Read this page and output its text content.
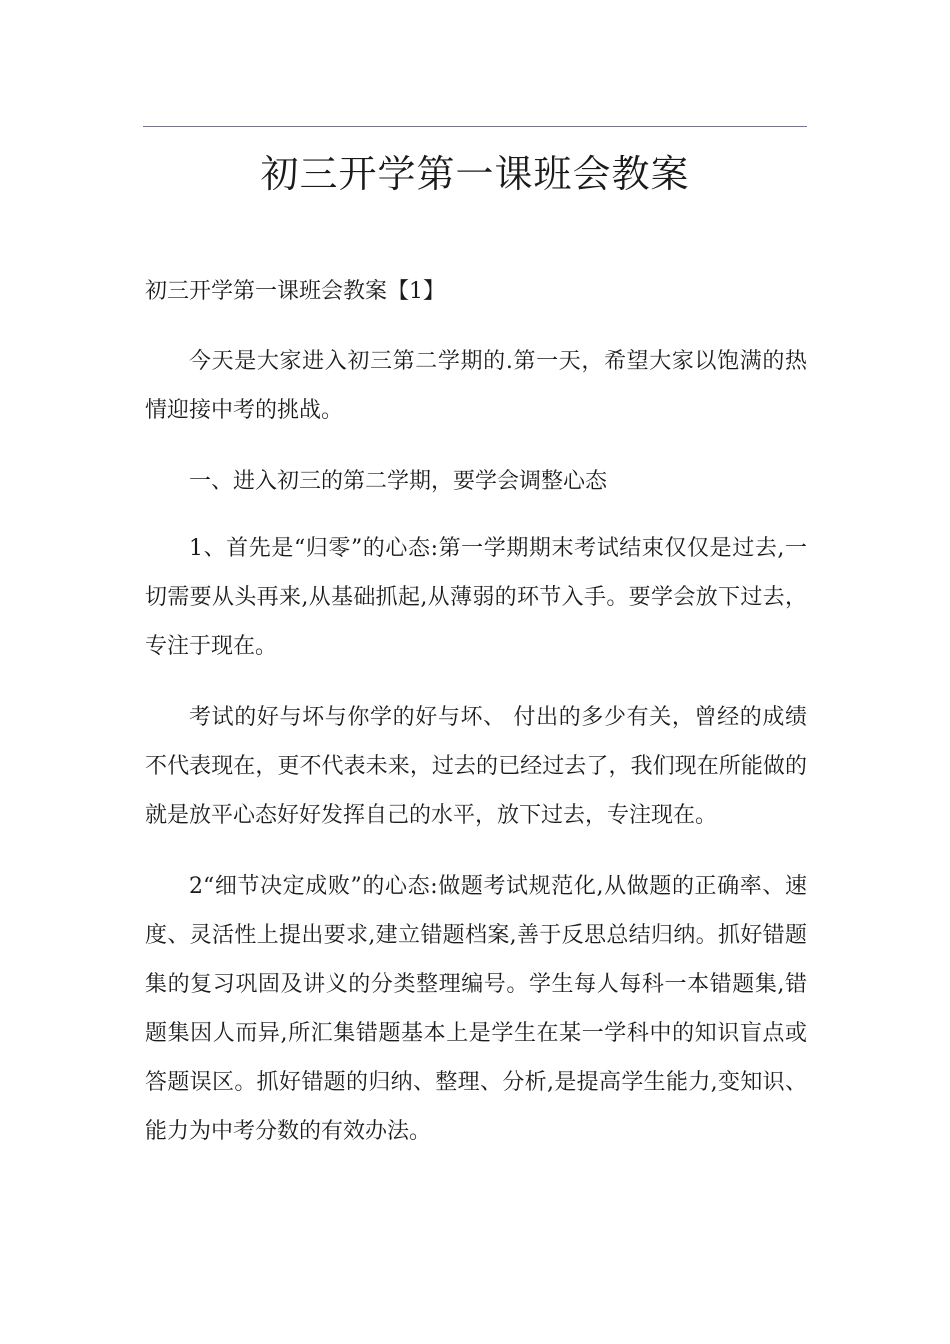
初三开学第一课班会教案
初三开学第一课班会教案【1】

今天是大家进入初三第二学期的.第一天，希望大家以饱满的热情迎接中考的挑战。

一、进入初三的第二学期，要学会调整心态

1、首先是“归零”的心态:第一学期期末考试结束仅仅是过去,一切需要从头再来,从基础抓起,从薄弱的环节入手。要学会放下过去，专注于现在。

考试的好与坏与你学的好与坏、 付出的多少有关，曾经的成绩不代表现在，更不代表未来，过去的已经过去了，我们现在所能做的就是放平心态好好发挥自己的水平，放下过去，专注现在。

2“细节决定成败”的心态:做题考试规范化,从做题的正确率、速度、灵活性上提出要求,建立错题档案,善于反思总结归纳。抓好错题集的复习巩固及讲义的分类整理编号。学生每人每科一本错题集,错题集因人而异,所汇集错题基本上是学生在某一学科中的知识盲点或答题误区。抓好错题的归纳、整理、分析,是提高学生能力,变知识、能力为中考分数的有效办法。
